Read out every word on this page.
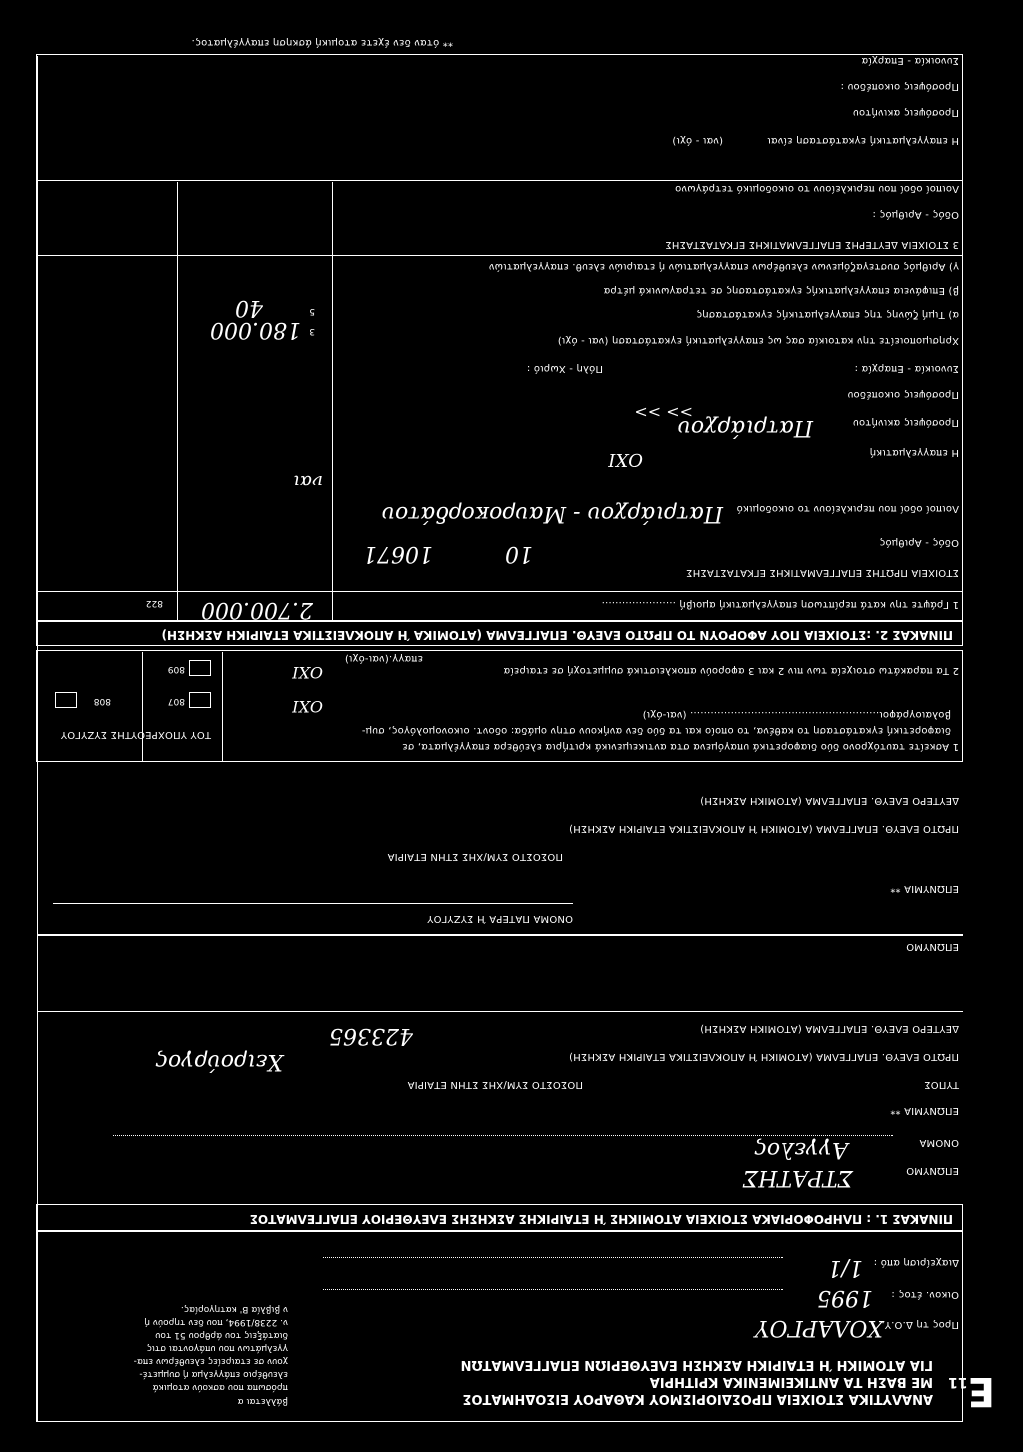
Ε11
ΑΝΑΛΥΤΙΚΑ ΣΤΟΙΧΕΙΑ ΠΡΟΣΔΙΟΡΙΣΜΟΥ ΚΑΘΑΡΟΥ ΕΙΣΟΔΗΜΑΤΟΣ
ΜΕ ΒΑΣΗ ΤΑ ΑΝΤΙΚΕΙΜΕΝΙΚΑ ΚΡΙΤΗΡΙΑ
ΓΙΑ ΑΤΟΜΙΚΗ Ή ΕΤΑΙΡΙΚΗ ΑΣΚΗΣΗ ΕΛΕΥΘΕΡΙΩΝ ΕΠΑΓΓΕΛΜΑΤΩΝ
βάλλεται α
πρόσωπα που ασκούν ατομικά
ελευθέριο επάγγελμα ή συμμετέ-
χουν σε εταιρείες ελευθέρων επα-
γγελμάτων που υπάγονται στις
διατάξεις του άρθρου 51 του
ν. 2238/1994, που δεν τηρούν ή
ν βιβλία Β' κατηγορίας.
Προς τη Δ.Ο.Υ.
ΧΟΛΑΡΓΟΥ
Οικον. έτος :
1995
Διαχείριση από :
1/1
ΠΙΝΑΚΑΣ 1. : ΠΛΗΡΟΦΟΡΙΑΚΑ ΣΤΟΙΧΕΙΑ ΑΤΟΜΙΚΗΣ Ή ΕΤΑΙΡΙΚΗΣ ΑΣΚΗΣΗΣ ΕΛΕΥΘΕΡΙΟΥ ΕΠΑΓΓΕΛΜΑΤΟΣ
ΕΠΩΝΥΜΟ
ΣΤΡΑΤΗΣ
ΟΝΟΜΑ
Αγγελος
ΕΠΩΝΥΜΙΑ **
ΤΥΠΟΣ
ΠΟΣΟΣΤΟ ΣΥΜ/ΧΗΣ ΣΤΗΝ ΕΤΑΙΡΙΑ
ΠΡΩΤΟ ΕΛΕΥΘ. ΕΠΑΓΓΕΛΜΑ (ΑΤΟΜΙΚΗ Ή ΑΠΟΚΛΕΙΣΤΙΚΑ ΕΤΑΙΡΙΚΗ ΑΣΚΗΣΗ)
Χειρούργος
ΔΕΥΤΕΡΟ ΕΛΕΥΘ. ΕΠΑΓΓΕΛΜΑ (ΑΤΟΜΙΚΗ ΑΣΚΗΣΗ)
423365
ΕΠΩΝΥΜΟ
ΟΝΟΜΑ ΠΑΤΕΡΑ Ή ΣΥΖΥΓΟΥ
ΕΠΩΝΥΜΙΑ **
ΠΟΣΟΣΤΟ ΣΥΜ/ΧΗΣ ΣΤΗΝ ΕΤΑΙΡΙΑ
ΠΡΩΤΟ ΕΛΕΥΘ. ΕΠΑΓΓΕΛΜΑ (ΑΤΟΜΙΚΗ Ή ΑΠΟΚΛΕΙΣΤΙΚΑ ΕΤΑΙΡΙΚΗ ΑΣΚΗΣΗ)
ΔΕΥΤΕΡΟ ΕΛΕΥΘ. ΕΠΑΓΓΕΛΜΑ (ΑΤΟΜΙΚΗ ΑΣΚΗΣΗ)
1 Ασκείτε ταυτόχρονο δύο διαφορετικά υπαγόμενα στα αντικειμενικά κριτήρια ελεύθερα επαγγέλματα, σε
διαφορετική εγκατάσταση το καθένα, το οποίο και τα δύο δεν ανήκουν στην ομάδα: οδοντ. οικονομολόγος, συμ-
βολαιογράφοι........................................................ (ναι-όχι)
ΤΟΥ ΥΠΟΧΡΕΟΥ
ΤΗΣ ΣΥΖΥΓΟΥ
ΟΧΙ
807
808
2 Τα παρακάτω στοιχεία των πιν 2 και 3 αφορούν αποκλειστικά συμμετοχή σε εταιρεία
επαγγ.(ναι-όχι)
ΟΧΙ
809
ΠΙΝΑΚΑΣ 2. :ΣΤΟΙΧΕΙΑ ΠΟΥ ΑΦΟΡΟΥΝ ΤΟ ΠΡΩΤΟ ΕΛΕΥΘ. ΕΠΑΓΓΕΛΜΑ (ΑΤΟΜΙΚΑ Ή ΑΠΟΚΛΕΙΣΤΙΚΑ ΕΤΑΙΡΙΚΗ ΑΣΚΗΣΗ)
1 Γράψτε την κατά περίπτωση επαγγελματική αμοιβή ......................
2.700.000
822
ΣΤΟΙΧΕΙΑ ΠΡΩΤΗΣ ΕΠΑΓΓΕΛΜΑΤΙΚΗΣ ΕΓΚΑΤΑΣΤΑΣΗΣ
Οδός - Αριθμός
10
10671
Λοιποί οδοί που περικλείουν το οικοδομικό
Πατριάρχου - Μαυροκορδάτου
ναι
Η επαγγελματική
ΟΧΙ
Προσόψεις ακινήτου
Πατριάρχου
>> >>
Προσόψεις οικοπέδου
Συνοικία - Επαρχία :
Πόλη - Χωριό :
Χρησιμοποιείτε την κατοικία σας ως επαγγελματική εγκατάσταση (ναι - όχι)
α) Τιμή ζώνης της επαγγελματικής εγκατάστασης
3
180.000
β) Επιφάνεια επαγγελματικής εγκατάστασης σε τετραγωνικά μέτρα
5
40
γ) Αριθμός συστεγαζόμενων ελευθέρων επαγγελματιών ή εταιριών ελευθ. επαγγελματιών
3 ΣΤΟΙΧΕΙΑ ΔΕΥΤΕΡΗΣ ΕΠΑΓΓΕΛΜΑΤΙΚΗΣ ΕΓΚΑΤΑΣΤΑΣΗΣ
Οδός - Αριθμός :
Λοιποί οδοί που περικλείουν το οικοδομικό τετράγωνο
Η επαγγελματική εγκατάσταση είναι
(ναι - όχι)
Προσόψεις ακινήτου
Προσόψεις οικοπέδου :
Συνοικία - Επαρχία
** όταν δεν έχετε ατομική άσκηση επαγγέλματος.
